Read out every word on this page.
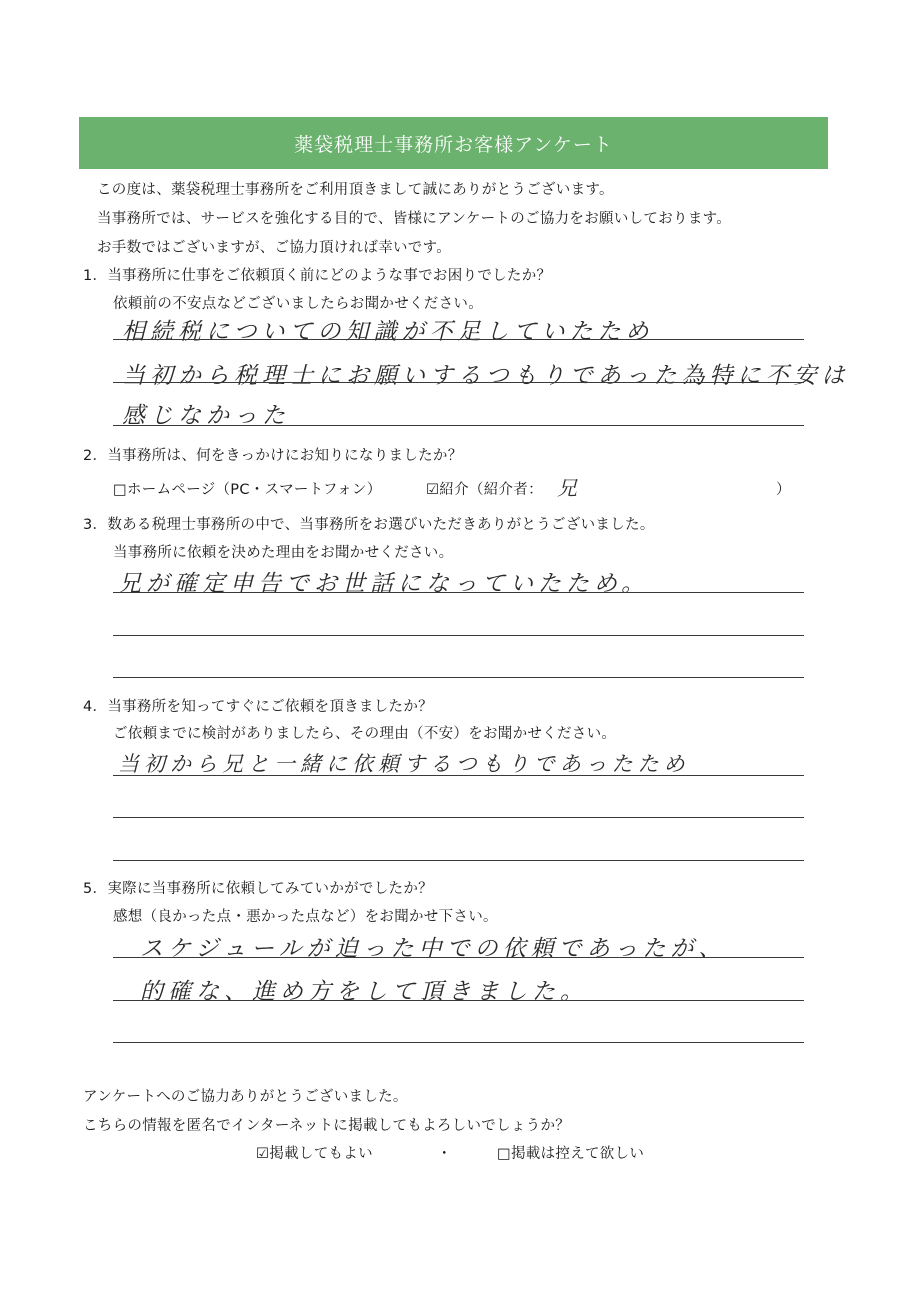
薬袋税理士事務所お客様アンケート
この度は、薬袋税理士事務所をご利用頂きまして誠にありがとうございます。
当事務所では、サービスを強化する目的で、皆様にアンケートのご協力をお願いしております。
お手数ではございますが、ご協力頂ければ幸いです。
1．当事務所に仕事をご依頼頂く前にどのような事でお困りでしたか？
依頼前の不安点などございましたらお聞かせください。
相続税についての知識が不足していたため
当初から税理士にお願いするつもりであった為特に不安は
感じなかった
2．当事務所は、何をきっかけにお知りになりましたか？
□ホームページ（PC・スマートフォン）	☑紹介（紹介者： 兄	）
3．数ある税理士事務所の中で、当事務所をお選びいただきありがとうございました。
当事務所に依頼を決めた理由をお聞かせください。
兄が確定申告でお世話になっていたため。
4．当事務所を知ってすぐにご依頼を頂きましたか？
ご依頼までに検討がありましたら、その理由（不安）をお聞かせください。
当初から兄と一緒に依頼するつもりであったため
5．実際に当事務所に依頼してみていかがでしたか？
感想（良かった点・悪かった点など）をお聞かせ下さい。
スケジュールが迫った中での依頼であったが、
的確な、進め方をして頂きました。
アンケートへのご協力ありがとうございました。
こちらの情報を匿名でインターネットに掲載してもよろしいでしょうか？
☑掲載してもよい	・	□掲載は控えて欲しい
